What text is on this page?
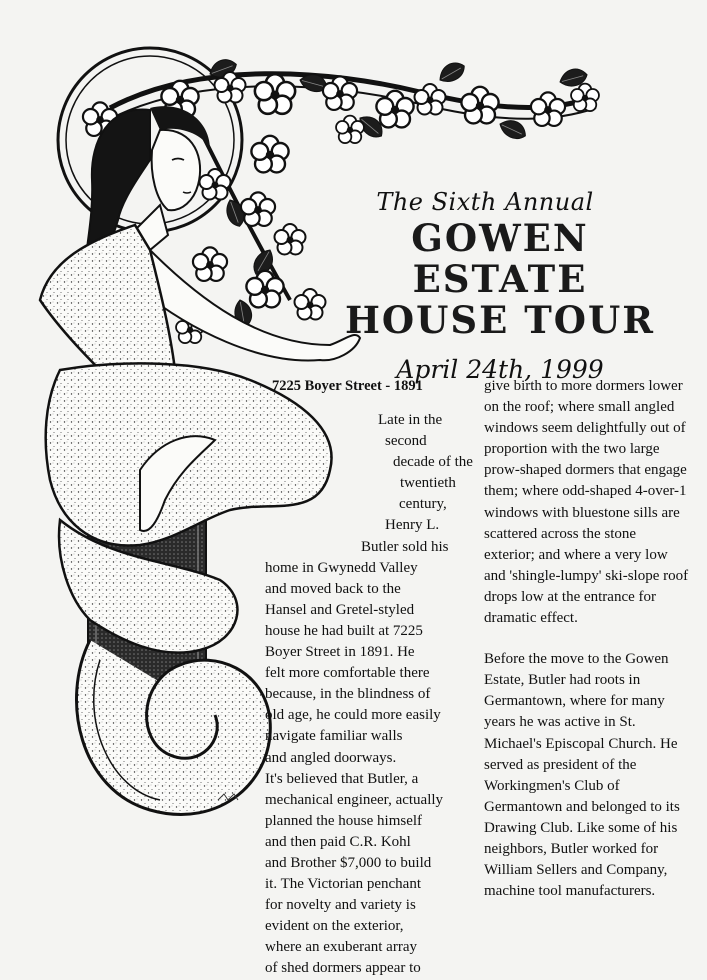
The Sixth Annual
GOWEN ESTATE
HOUSE TOUR
April 24th, 1999
7225 Boyer Street - 1891
Late in the
second
decade of the
twentieth
century,
Henry L.
Butler sold his
home in Gwynedd Valley
and moved back to the
Hansel and Gretel-styled
house he had built at 7225
Boyer Street in 1891. He
felt more comfortable there
because, in the blindness of
old age, he could more easily
navigate familiar walls
and angled doorways.
It's believed that Butler, a
mechanical engineer, actually
planned the house himself
and then paid C.R. Kohl
and Brother $7,000 to build
it. The Victorian penchant
for novelty and variety is
evident on the exterior,
where an exuberant array
of shed dormers appear to

give birth to more dormers lower on the roof; where small angled windows seem delightfully out of proportion with the two large prow-shaped dormers that engage them; where odd-shaped 4-over-1 windows with bluestone sills are scattered across the stone exterior; and where a very low and 'shingle-lumpy' ski-slope roof drops low at the entrance for dramatic effect.

Before the move to the Gowen Estate, Butler had roots in Germantown, where for many years he was active in St. Michael's Episcopal Church. He served as president of the Workingmen's Club of Germantown and belonged to its Drawing Club. Like some of his neighbors, Butler worked for William Sellers and Company, machine tool manufacturers.
